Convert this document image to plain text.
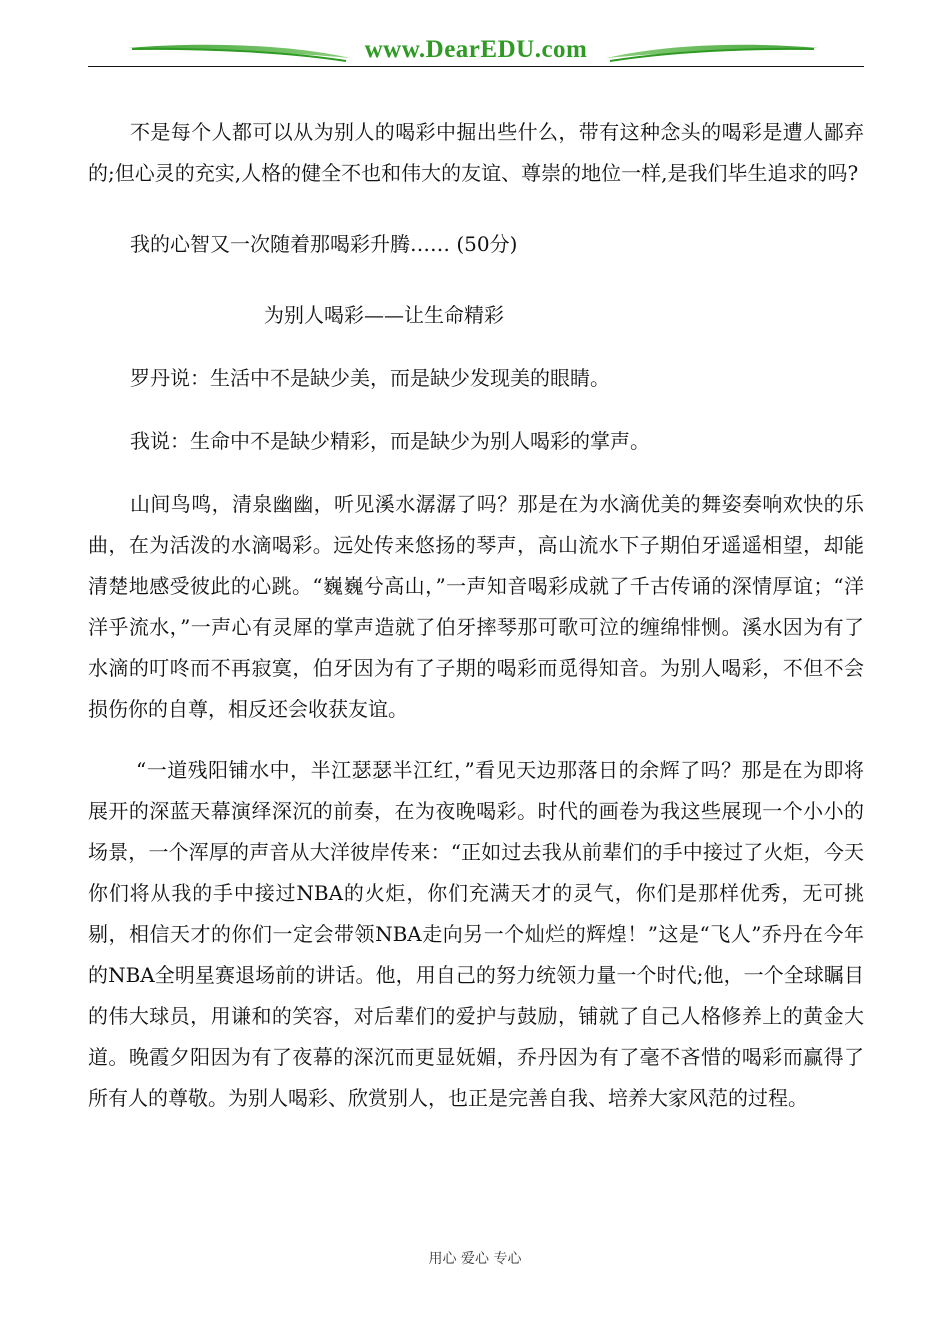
www.DearEDU.com

不是每个人都可以从为别人的喝彩中掘出些什么，带有这种念头的喝彩是遭人鄙弃的;但心灵的充实,人格的健全不也和伟大的友谊、尊崇的地位一样,是我们毕生追求的吗?

我的心智又一次随着那喝彩升腾…… (50分)

为别人喝彩——让生命精彩

罗丹说：生活中不是缺少美，而是缺少发现美的眼睛。

我说：生命中不是缺少精彩，而是缺少为别人喝彩的掌声。

山间鸟鸣，清泉幽幽，听见溪水潺潺了吗？那是在为水滴优美的舞姿奏响欢快的乐曲，在为活泼的水滴喝彩。远处传来悠扬的琴声，高山流水下子期伯牙遥遥相望，却能清楚地感受彼此的心跳。“巍巍兮高山，”一声知音喝彩成就了千古传诵的深情厚谊；“洋洋乎流水，”一声心有灵犀的掌声造就了伯牙摔琴那可歌可泣的缠绵悱恻。溪水因为有了水滴的叮咚而不再寂寞，伯牙因为有了子期的喝彩而觅得知音。为别人喝彩，不但不会损伤你的自尊，相反还会收获友谊。

“一道残阳铺水中，半江瑟瑟半江红，”看见天边那落日的余辉了吗？那是在为即将展开的深蓝天幕演绎深沉的前奏，在为夜晚喝彩。时代的画卷为我这些展现一个小小的场景，一个浑厚的声音从大洋彼岸传来：“正如过去我从前辈们的手中接过了火炬，今天你们将从我的手中接过NBA的火炬，你们充满天才的灵气，你们是那样优秀，无可挑剔，相信天才的你们一定会带领NBA走向另一个灿烂的辉煌！”这是“飞人”乔丹在今年的NBA全明星赛退场前的讲话。他，用自己的努力统领力量一个时代;他，一个全球瞩目的伟大球员，用谦和的笑容，对后辈们的爱护与鼓励，铺就了自己人格修养上的黄金大道。晚霞夕阳因为有了夜幕的深沉而更显妩媚，乔丹因为有了毫不吝惜的喝彩而赢得了所有人的尊敬。为别人喝彩、欣赏别人，也正是完善自我、培养大家风范的过程。

用心 爱心 专心
